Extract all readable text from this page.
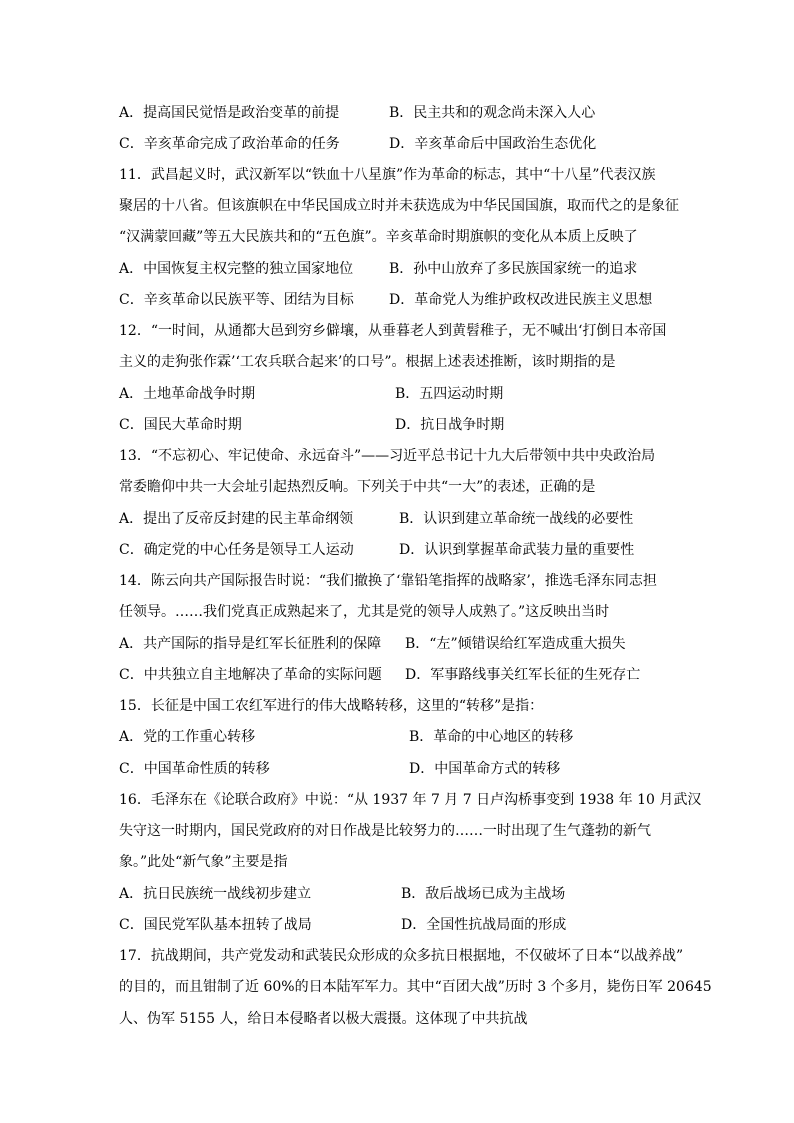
A．提高国民觉悟是政治变革的前提	B．民主共和的观念尚未深入人心
C．辛亥革命完成了政治革命的任务	D．辛亥革命后中国政治生态优化
11．武昌起义时，武汉新军以“铁血十八星旗”作为革命的标志，其中“十八星”代表汉族
聚居的十八省。但该旗帜在中华民国成立时并未获选成为中华民国国旗，取而代之的是象征
“汉满蒙回藏”等五大民族共和的“五色旗”。辛亥革命时期旗帜的变化从本质上反映了
A．中国恢复主权完整的独立国家地位	B．孙中山放弃了多民族国家统一的追求
C．辛亥革命以民族平等、团结为目标	D．革命党人为维护政权改进民族主义思想
12．“一时间，从通都大邑到穷乡僻壤，从垂暮老人到黄髫稚子，无不喊出‘打倒日本帝国
主义的走狗张作霖’‘工农兵联合起来’的口号”。根据上述表述推断，该时期指的是
A．土地革命战争时期	B．五四运动时期
C．国民大革命时期	D．抗日战争时期
13．“不忘初心、牢记使命、永远奋斗”——习近平总书记十九大后带领中共中央政治局
常委瞻仰中共一大会址引起热烈反响。下列关于中共“一大”的表述，正确的是
A．提出了反帝反封建的民主革命纲领	B．认识到建立革命统一战线的必要性
C．确定党的中心任务是领导工人运动	D．认识到掌握革命武装力量的重要性
14．陈云向共产国际报告时说：“我们撤换了‘靠铅笔指挥的战略家’，推选毛泽东同志担
任领导。……我们党真正成熟起来了，尤其是党的领导人成熟了。”这反映出当时
A．共产国际的指导是红军长征胜利的保障 B．“左”倾错误给红军造成重大损失
C．中共独立自主地解决了革命的实际问题 D．军事路线事关红军长征的生死存亡
15．长征是中国工农红军进行的伟大战略转移，这里的“转移”是指：
A．党的工作重心转移	B．革命的中心地区的转移
C．中国革命性质的转移	D．中国革命方式的转移
16．毛泽东在《论联合政府》中说：“从 1937 年 7 月 7 日卢沟桥事变到 1938 年 10 月武汉
失守这一时期内，国民党政府的对日作战是比较努力的……一时出现了生气蓬勃的新气
象。”此处“新气象”主要是指
A．抗日民族统一战线初步建立	B．敌后战场已成为主战场
C．国民党军队基本扭转了战局	D．全国性抗战局面的形成
17．抗战期间，共产党发动和武装民众形成的众多抗日根据地，不仅破坏了日本“以战养战”
的目的，而且钳制了近 60%的日本陆军军力。其中“百团大战”历时 3 个多月，毙伤日军 20645
人、伪军 5155 人，给日本侵略者以极大震摄。这体现了中共抗战
